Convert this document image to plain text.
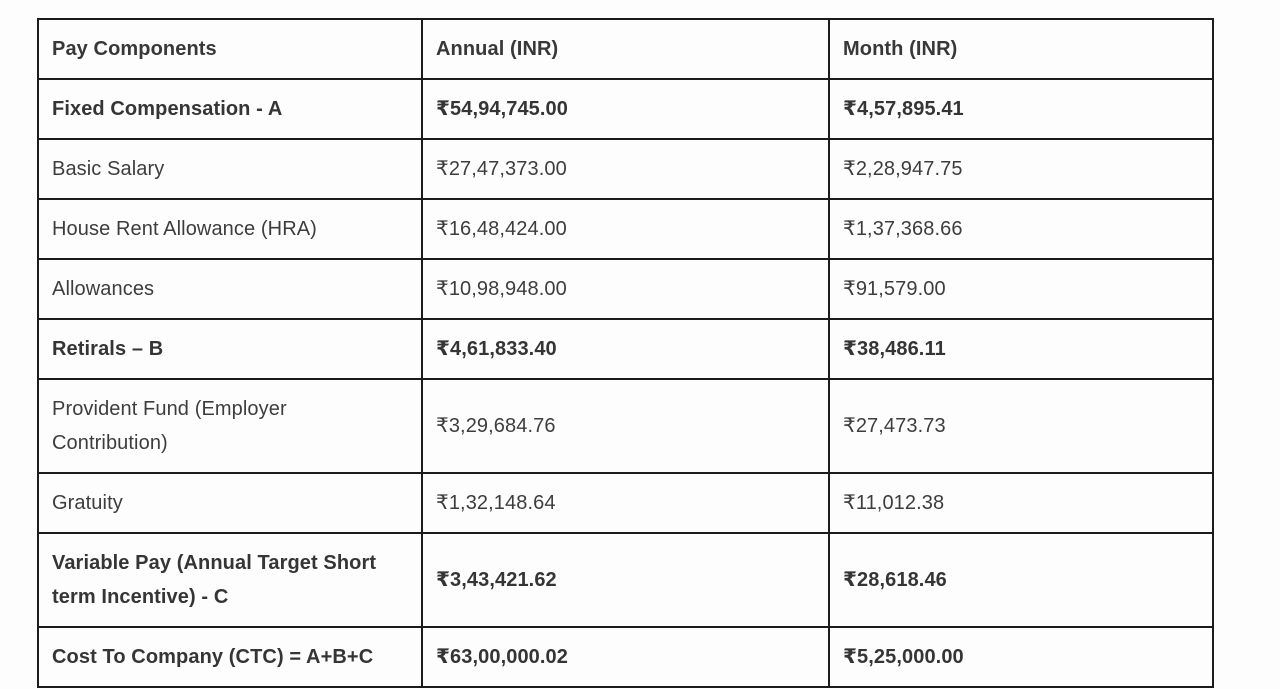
Pay Components	Annual (INR)	Month (INR)
Fixed Compensation - A	₹54,94,745.00	₹4,57,895.41
Basic Salary	₹27,47,373.00	₹2,28,947.75
House Rent Allowance (HRA)	₹16,48,424.00	₹1,37,368.66
Allowances	₹10,98,948.00	₹91,579.00
Retirals – B	₹4,61,833.40	₹38,486.11
Provident Fund (Employer Contribution)	₹3,29,684.76	₹27,473.73
Gratuity	₹1,32,148.64	₹11,012.38
Variable Pay (Annual Target Short term Incentive) - C	₹3,43,421.62	₹28,618.46
Cost To Company (CTC) = A+B+C	₹63,00,000.02	₹5,25,000.00
